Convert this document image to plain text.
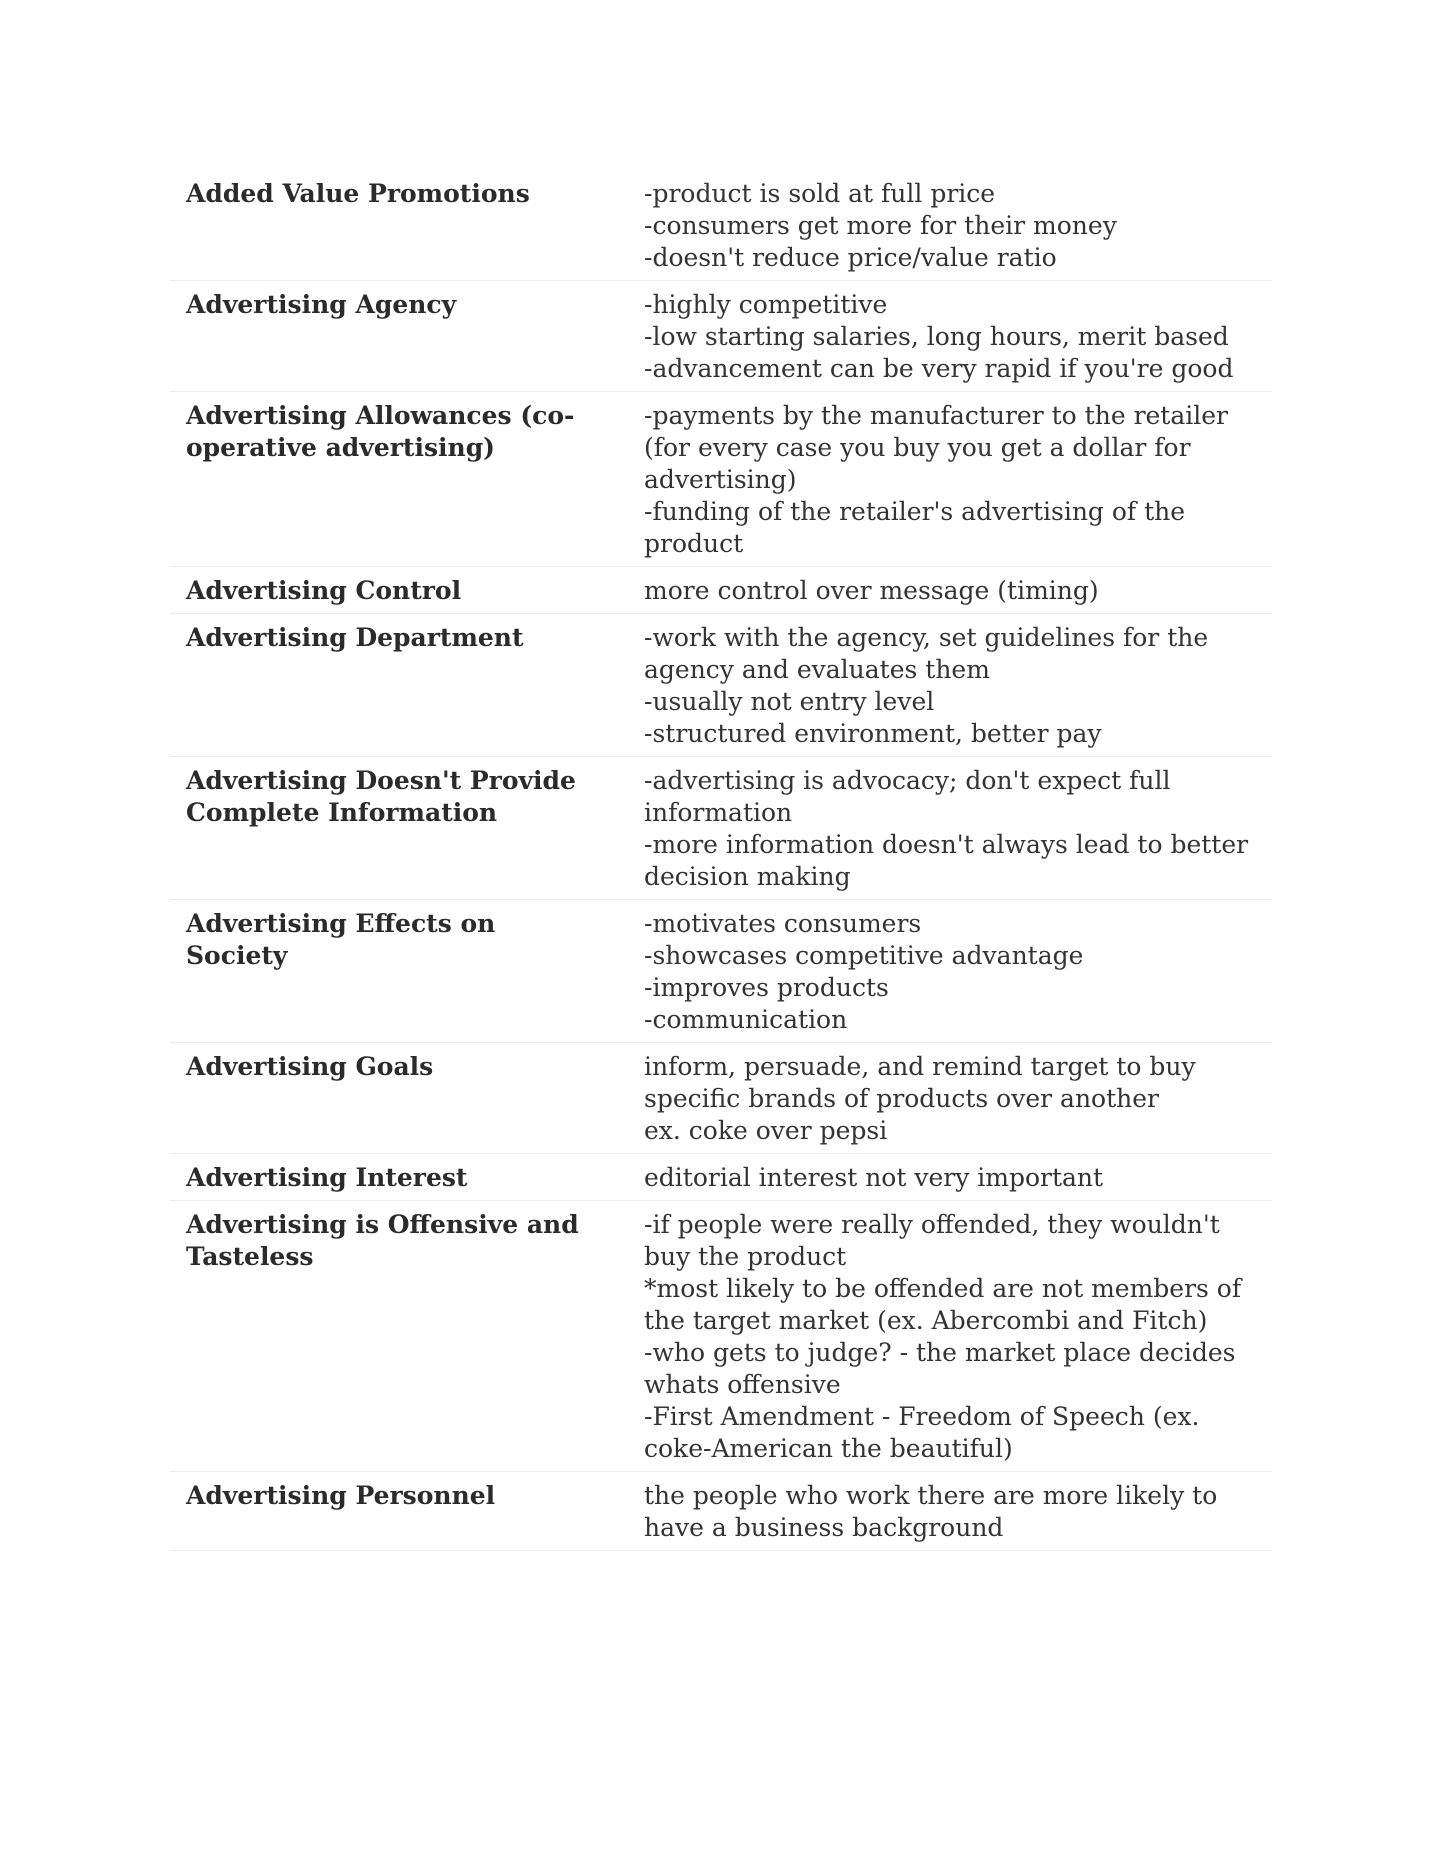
Added Value Promotions	-product is sold at full price
-consumers get more for their money
-doesn't reduce price/value ratio

Advertising Agency	-highly competitive
-low starting salaries, long hours, merit based
-advancement can be very rapid if you're good

Advertising Allowances (co-operative advertising)	-payments by the manufacturer to the retailer (for every case you buy you get a dollar for advertising)
-funding of the retailer's advertising of the product

Advertising Control	more control over message (timing)

Advertising Department	-work with the agency, set guidelines for the agency and evaluates them
-usually not entry level
-structured environment, better pay

Advertising Doesn't Provide Complete Information	-advertising is advocacy; don't expect full information
-more information doesn't always lead to better decision making

Advertising Effects on Society	-motivates consumers
-showcases competitive advantage
-improves products
-communication

Advertising Goals	inform, persuade, and remind target to buy specific brands of products over another
ex. coke over pepsi

Advertising Interest	editorial interest not very important

Advertising is Offensive and Tasteless	-if people were really offended, they wouldn't buy the product
*most likely to be offended are not members of the target market (ex. Abercombi and Fitch)
-who gets to judge? - the market place decides whats offensive
-First Amendment - Freedom of Speech (ex. coke-American the beautiful)

Advertising Personnel	the people who work there are more likely to have a business background
